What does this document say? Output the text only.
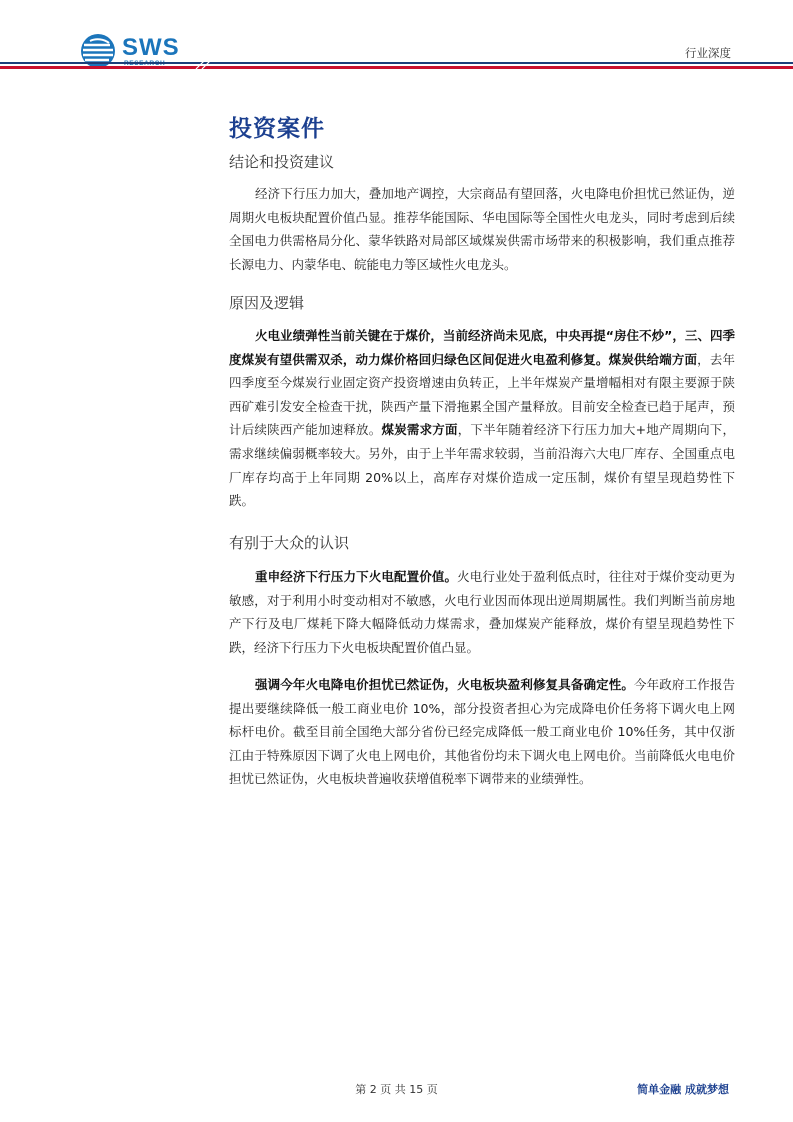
SWS	行业深度
投资案件
结论和投资建议
经济下行压力加大，叠加地产调控，大宗商品有望回落，火电降电价担忧已然证伪，逆周期火电板块配置价值凸显。推荐华能国际、华电国际等全国性火电龙头，同时考虑到后续全国电力供需格局分化、蒙华铁路对局部区域煤炭供需市场带来的积极影响，我们重点推荐长源电力、内蒙华电、皖能电力等区域性火电龙头。
原因及逻辑
火电业绩弹性当前关键在于煤价，当前经济尚未见底，中央再提“房住不炒”，三、四季度煤炭有望供需双杀，动力煤价格回归绿色区间促进火电盈利修复。煤炭供给端方面，去年四季度至今煤炭行业固定资产投资增速由负转正，上半年煤炭产量增幅相对有限主要源于陕西矿难引发安全检查干扰，陕西产量下滑拖累全国产量释放。目前安全检查已趋于尾声，预计后续陕西产能加速释放。煤炭需求方面，下半年随着经济下行压力加大+地产周期向下，需求继续偏弱概率较大。另外，由于上半年需求较弱，当前沿海六大电厂库存、全国重点电厂库存均高于上年同期 20%以上，高库存对煤价造成一定压制，煤价有望呈现趋势性下跌。
有别于大众的认识
重申经济下行压力下火电配置价值。火电行业处于盈利低点时，往往对于煤价变动更为敏感，对于利用小时变动相对不敏感，火电行业因而体现出逆周期属性。我们判断当前房地产下行及电厂煤耗下降大幅降低动力煤需求，叠加煤炭产能释放，煤价有望呈现趋势性下跌，经济下行压力下火电板块配置价值凸显。
强调今年火电降电价担忧已然证伪，火电板块盈利修复具备确定性。今年政府工作报告提出要继续降低一般工商业电价 10%，部分投资者担心为完成降电价任务将下调火电上网标杆电价。截至目前全国绝大部分省份已经完成降低一般工商业电价 10%任务，其中仅浙江由于特殊原因下调了火电上网电价，其他省份均未下调火电上网电价。当前降低火电电价担忧已然证伪，火电板块普遍收获增值税率下调带来的业绩弹性。
第 2 页 共 15 页	简单金融 成就梦想
